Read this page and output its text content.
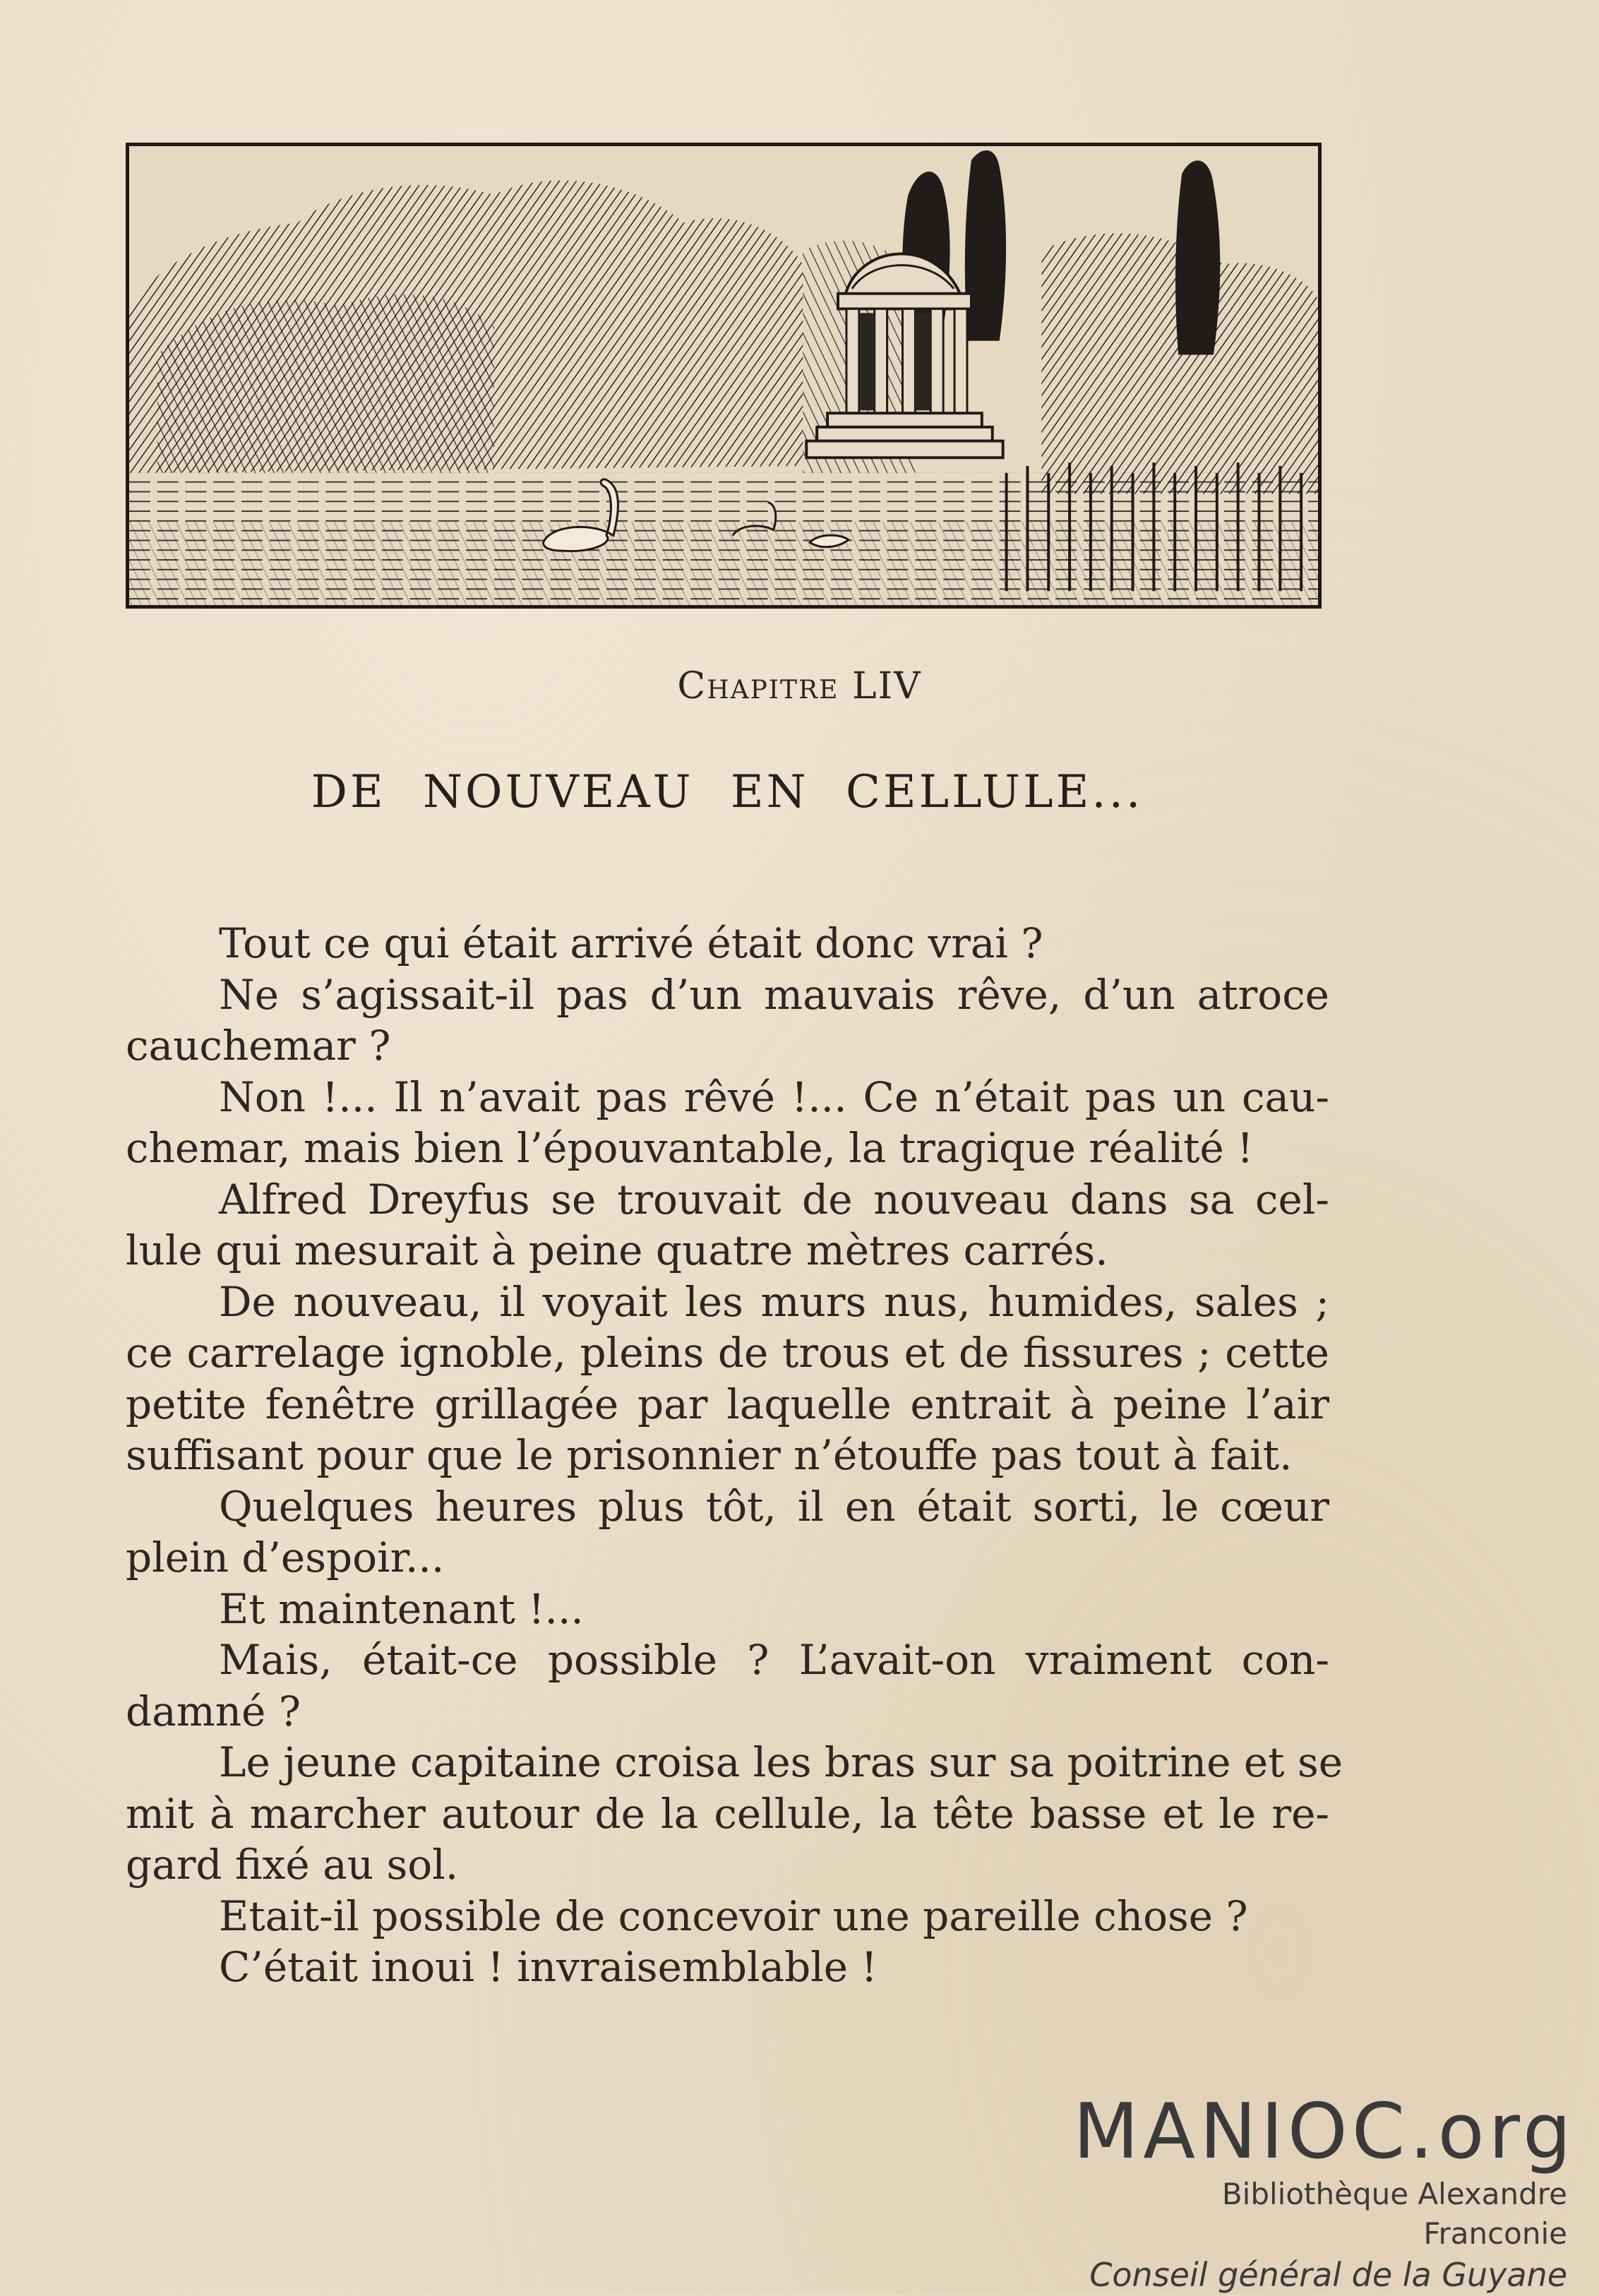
Chapitre LIV
DE NOUVEAU EN CELLULE...
Tout ce qui était arrivé était donc vrai ?
Ne s’agissait-il pas d’un mauvais rêve, d’un atroce
cauchemar ?
Non !... Il n’avait pas rêvé !... Ce n’était pas un cau-
chemar, mais bien l’épouvantable, la tragique réalité !
Alfred Dreyfus se trouvait de nouveau dans sa cel-
lule qui mesurait à peine quatre mètres carrés.
De nouveau, il voyait les murs nus, humides, sales ;
ce carrelage ignoble, pleins de trous et de fissures ; cette
petite fenêtre grillagée par laquelle entrait à peine l’air
suffisant pour que le prisonnier n’étouffe pas tout à fait.
Quelques heures plus tôt, il en était sorti, le cœur
plein d’espoir...
Et maintenant !...
Mais, était-ce possible ? L’avait-on vraiment con-
damné ?
Le jeune capitaine croisa les bras sur sa poitrine et se
mit à marcher autour de la cellule, la tête basse et le re-
gard fixé au sol.
Etait-il possible de concevoir une pareille chose ?
C’était inoui ! invraisemblable !
MANIOC.org
Bibliothèque Alexandre Franconie
Conseil général de la Guyane
